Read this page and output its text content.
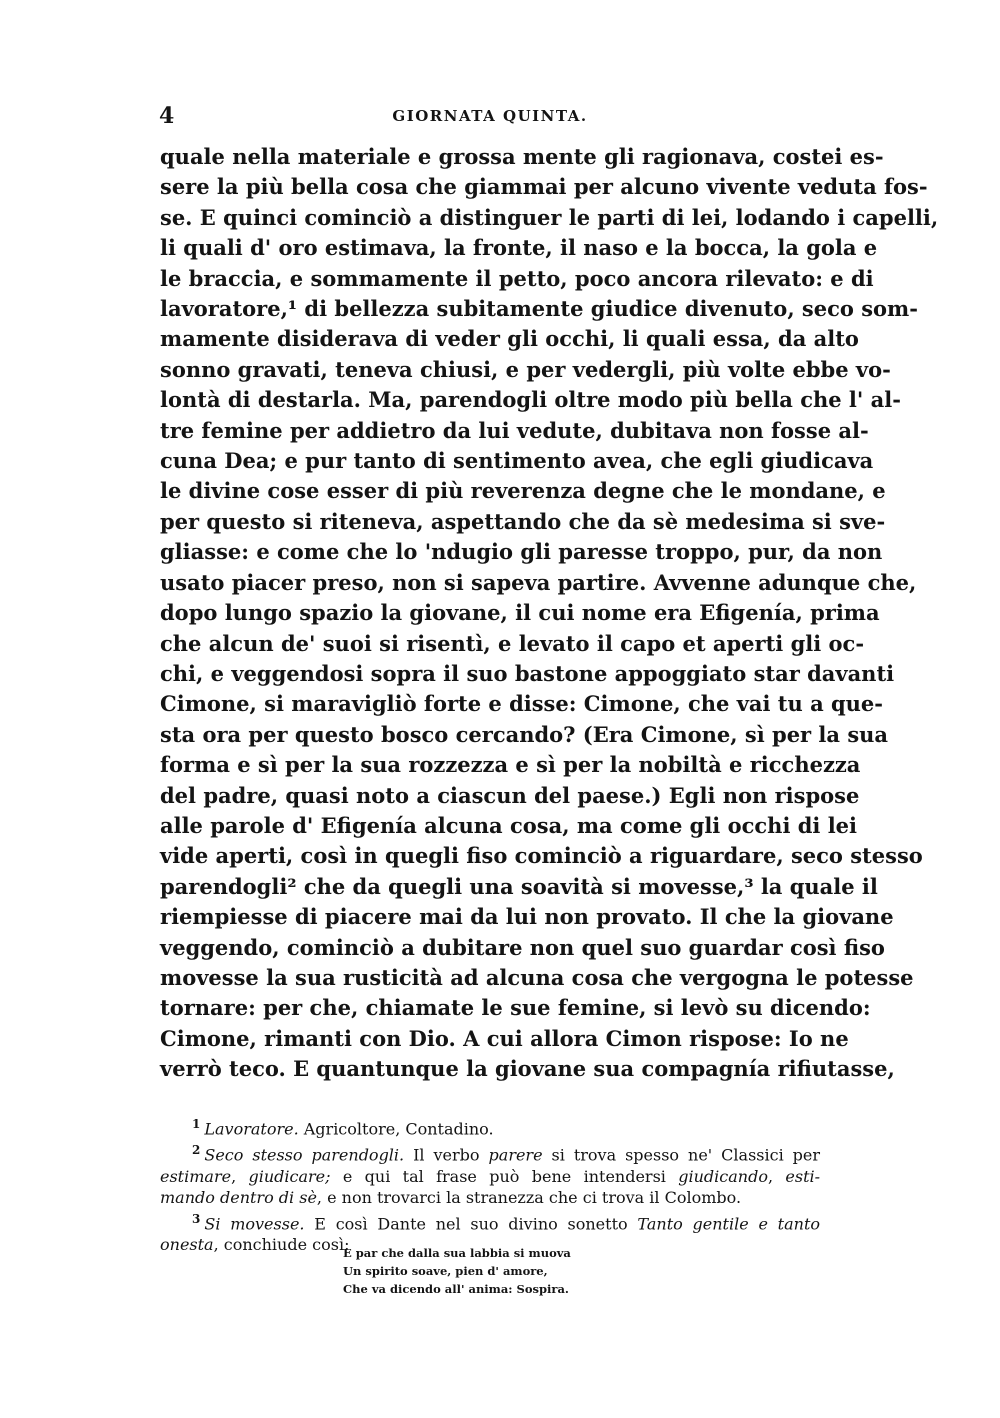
4	GIORNATA QUINTA.
quale nella materiale e grossa mente gli ragionava, costei es-
sere la più bella cosa che giammai per alcuno vivente veduta fos-
se. E quinci cominciò a distinguer le parti di lei, lodando i capelli,
li quali d' oro estimava, la fronte, il naso e la bocca, la gola e
le braccia, e sommamente il petto, poco ancora rilevato: e di
lavoratore,¹ di bellezza subitamente giudice divenuto, seco som-
mamente disiderava di veder gli occhi, li quali essa, da alto
sonno gravati, teneva chiusi, e per vedergli, più volte ebbe vo-
lontà di destarla. Ma, parendogli oltre modo più bella che l' al-
tre femine per addietro da lui vedute, dubitava non fosse al-
cuna Dea; e pur tanto di sentimento avea, che egli giudicava
le divine cose esser di più reverenza degne che le mondane, e
per questo si riteneva, aspettando che da sè medesima si sve-
gliasse: e come che lo 'ndugio gli paresse troppo, pur, da non
usato piacer preso, non si sapeva partire. Avvenne adunque che,
dopo lungo spazio la giovane, il cui nome era Efigenía, prima
che alcun de' suoi si risentì, e levato il capo et aperti gli oc-
chi, e veggendosi sopra il suo bastone appoggiato star davanti
Cimone, si maravigliò forte e disse: Cimone, che vai tu a que-
sta ora per questo bosco cercando? (Era Cimone, sì per la sua
forma e sì per la sua rozzezza e sì per la nobiltà e ricchezza
del padre, quasi noto a ciascun del paese.) Egli non rispose
alle parole d' Efigenía alcuna cosa, ma come gli occhi di lei
vide aperti, così in quegli fiso cominciò a riguardare, seco stesso
parendogli² che da quegli una soavità si movesse,³ la quale il
riempiesse di piacere mai da lui non provato. Il che la giovane
veggendo, cominciò a dubitare non quel suo guardar così fiso
movesse la sua rusticità ad alcuna cosa che vergogna le potesse
tornare: per che, chiamate le sue femine, si levò su dicendo:
Cimone, rimanti con Dio. A cui allora Cimon rispose: Io ne
verrò teco. E quantunque la giovane sua compagnía rifiutasse,
$^1$ Lavoratore. Agricoltore, Contadino.
$^2$ Seco stesso parendogli. Il verbo parere si trova spesso ne' Classici per
estimare, giudicare; e qui tal frase può bene intendersi giudicando, esti-
mando dentro di sè, e non trovarci la stranezza che ci trova il Colombo.
$^3$ Si movesse. E così Dante nel suo divino sonetto Tanto gentile e tanto
onesta, conchiude così:
E par che dalla sua labbia si muova
Un spirito soave, pien d' amore,
Che va dicendo all' anima: Sospira.
